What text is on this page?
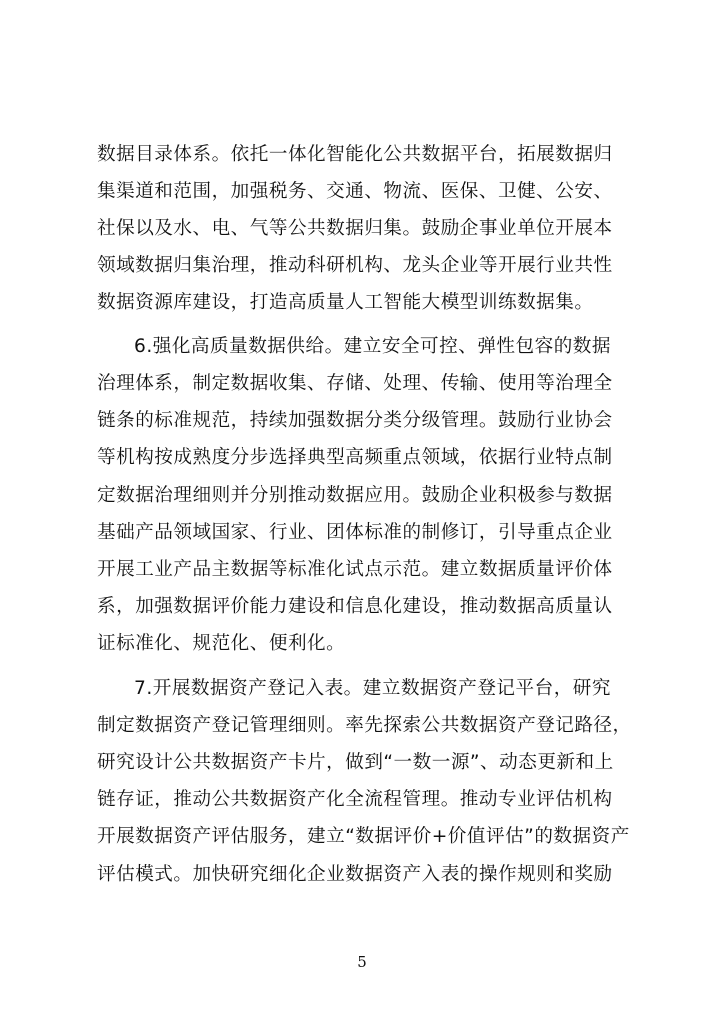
数据目录体系。依托一体化智能化公共数据平台，拓展数据归
集渠道和范围，加强税务、交通、物流、医保、卫健、公安、
社保以及水、电、气等公共数据归集。鼓励企事业单位开展本
领域数据归集治理，推动科研机构、龙头企业等开展行业共性
数据资源库建设，打造高质量人工智能大模型训练数据集。
6.强化高质量数据供给。建立安全可控、弹性包容的数据
治理体系，制定数据收集、存储、处理、传输、使用等治理全
链条的标准规范，持续加强数据分类分级管理。鼓励行业协会
等机构按成熟度分步选择典型高频重点领域，依据行业特点制
定数据治理细则并分别推动数据应用。鼓励企业积极参与数据
基础产品领域国家、行业、团体标准的制修订，引导重点企业
开展工业产品主数据等标准化试点示范。建立数据质量评价体
系，加强数据评价能力建设和信息化建设，推动数据高质量认
证标准化、规范化、便利化。
7.开展数据资产登记入表。建立数据资产登记平台，研究
制定数据资产登记管理细则。率先探索公共数据资产登记路径，
研究设计公共数据资产卡片，做到“一数一源”、动态更新和上
链存证，推动公共数据资产化全流程管理。推动专业评估机构
开展数据资产评估服务，建立“数据评价+价值评估”的数据资产
评估模式。加快研究细化企业数据资产入表的操作规则和奖励
5
